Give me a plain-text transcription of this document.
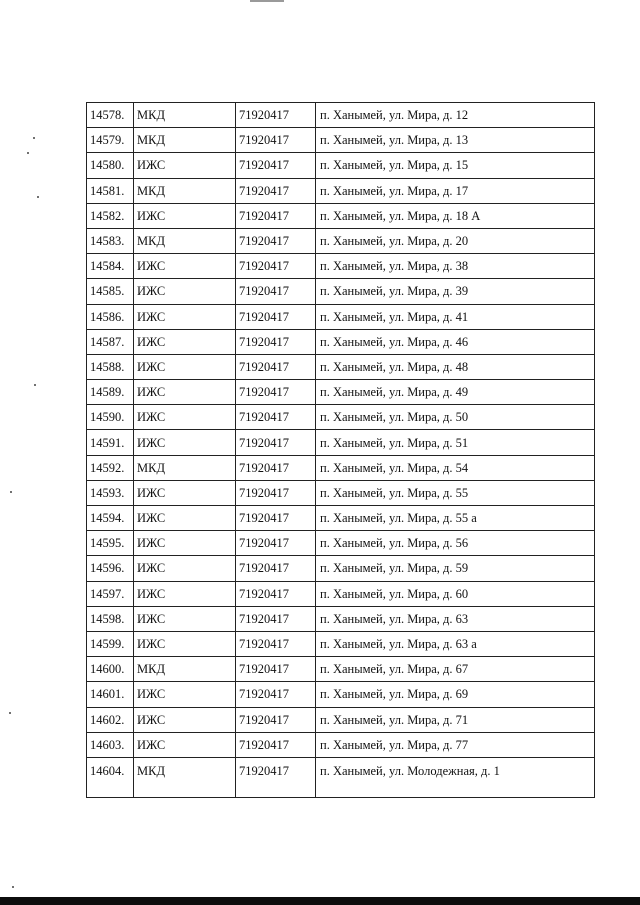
14578.	МКД	71920417	п. Ханымей, ул. Мира, д. 12
14579.	МКД	71920417	п. Ханымей, ул. Мира, д. 13
14580.	ИЖС	71920417	п. Ханымей, ул. Мира, д. 15
14581.	МКД	71920417	п. Ханымей, ул. Мира, д. 17
14582.	ИЖС	71920417	п. Ханымей, ул. Мира, д. 18 А
14583.	МКД	71920417	п. Ханымей, ул. Мира, д. 20
14584.	ИЖС	71920417	п. Ханымей, ул. Мира, д. 38
14585.	ИЖС	71920417	п. Ханымей, ул. Мира, д. 39
14586.	ИЖС	71920417	п. Ханымей, ул. Мира, д. 41
14587.	ИЖС	71920417	п. Ханымей, ул. Мира, д. 46
14588.	ИЖС	71920417	п. Ханымей, ул. Мира, д. 48
14589.	ИЖС	71920417	п. Ханымей, ул. Мира, д. 49
14590.	ИЖС	71920417	п. Ханымей, ул. Мира, д. 50
14591.	ИЖС	71920417	п. Ханымей, ул. Мира, д. 51
14592.	МКД	71920417	п. Ханымей, ул. Мира, д. 54
14593.	ИЖС	71920417	п. Ханымей, ул. Мира, д. 55
14594.	ИЖС	71920417	п. Ханымей, ул. Мира, д. 55 а
14595.	ИЖС	71920417	п. Ханымей, ул. Мира, д. 56
14596.	ИЖС	71920417	п. Ханымей, ул. Мира, д. 59
14597.	ИЖС	71920417	п. Ханымей, ул. Мира, д. 60
14598.	ИЖС	71920417	п. Ханымей, ул. Мира, д. 63
14599.	ИЖС	71920417	п. Ханымей, ул. Мира, д. 63 а
14600.	МКД	71920417	п. Ханымей, ул. Мира, д. 67
14601.	ИЖС	71920417	п. Ханымей, ул. Мира, д. 69
14602.	ИЖС	71920417	п. Ханымей, ул. Мира, д. 71
14603.	ИЖС	71920417	п. Ханымей, ул. Мира, д. 77
14604.	МКД	71920417	п. Ханымей, ул. Молодежная, д. 1
